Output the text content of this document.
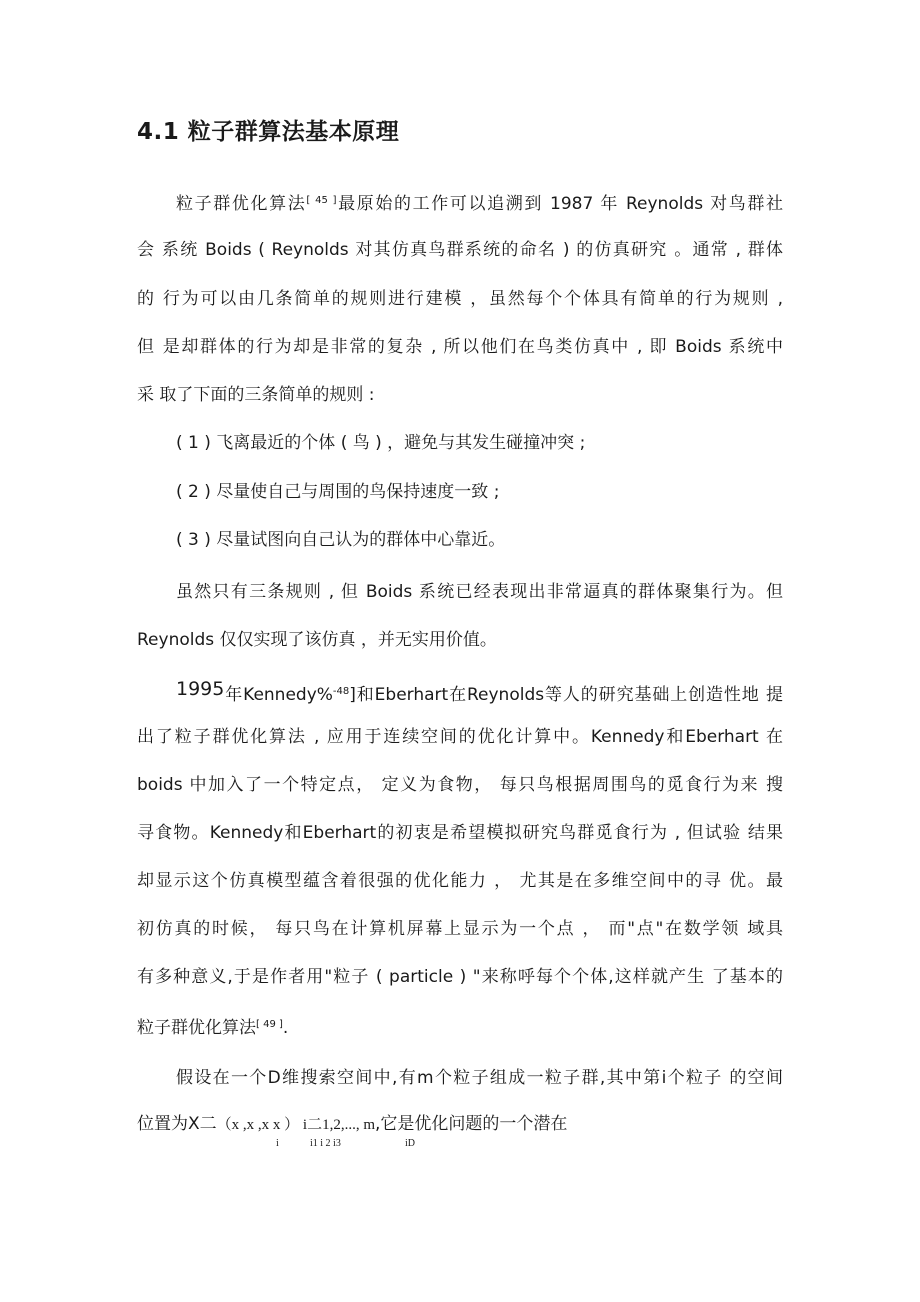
4.1 粒子群算法基本原理
粒子群优化算法[ 45 ]最原始的工作可以追溯到 1987 年 Reynolds 对鸟群社
会 系统 Boids ( Reynolds 对其仿真鸟群系统的命名 ) 的仿真研究 。通常 , 群体
的 行为可以由几条简单的规则进行建模 ，虽然每个个体具有简单的行为规则 ,
但 是却群体的行为却是非常的复杂 , 所以他们在鸟类仿真中 , 即 Boids 系统中
采 取了下面的三条简单的规则 :
( 1 ) 飞离最近的个体 ( 鸟 ) ，避免与其发生碰撞冲突 ;
( 2 ) 尽量使自己与周围的鸟保持速度一致 ;
( 3 ) 尽量试图向自己认为的群体中心靠近。
虽然只有三条规则 , 但 Boids 系统已经表现出非常逼真的群体聚集行为。但
Reynolds 仅仅实现了该仿真 ，并无实用价值。
1995年Kennedy%$^{-48}$]和Eberhart在Reynolds等人的研究基础上创造性地 提
出了粒子群优化算法 , 应用于连续空间的优化计算中。Kennedy和Eberhart 在
boids 中加入了一个特定点， 定义为食物， 每只鸟根据周围鸟的觅食行为来 搜
寻食物。Kennedy和Eberhart的初衷是希望模拟研究鸟群觅食行为 , 但试验 结果
却显示这个仿真模型蕴含着很强的优化能力 ， 尤其是在多维空间中的寻 优。最
初仿真的时候， 每只鸟在计算机屏幕上显示为一个点 ， 而"点"在数学领 域具
有多种意义,于是作者用"粒子 ( particle ) "来称呼每个个体,这样就产生 了基本的
粒子群优化算法[ 49 ].
假设在一个D维搜索空间中,有m个粒子组成一粒子群,其中第i个粒子 的空间
位置为X二（x ,x ,x x ） i二1,2,..., m,它是优化问题的一个潜在
i	i1 i 2 i3	iD
